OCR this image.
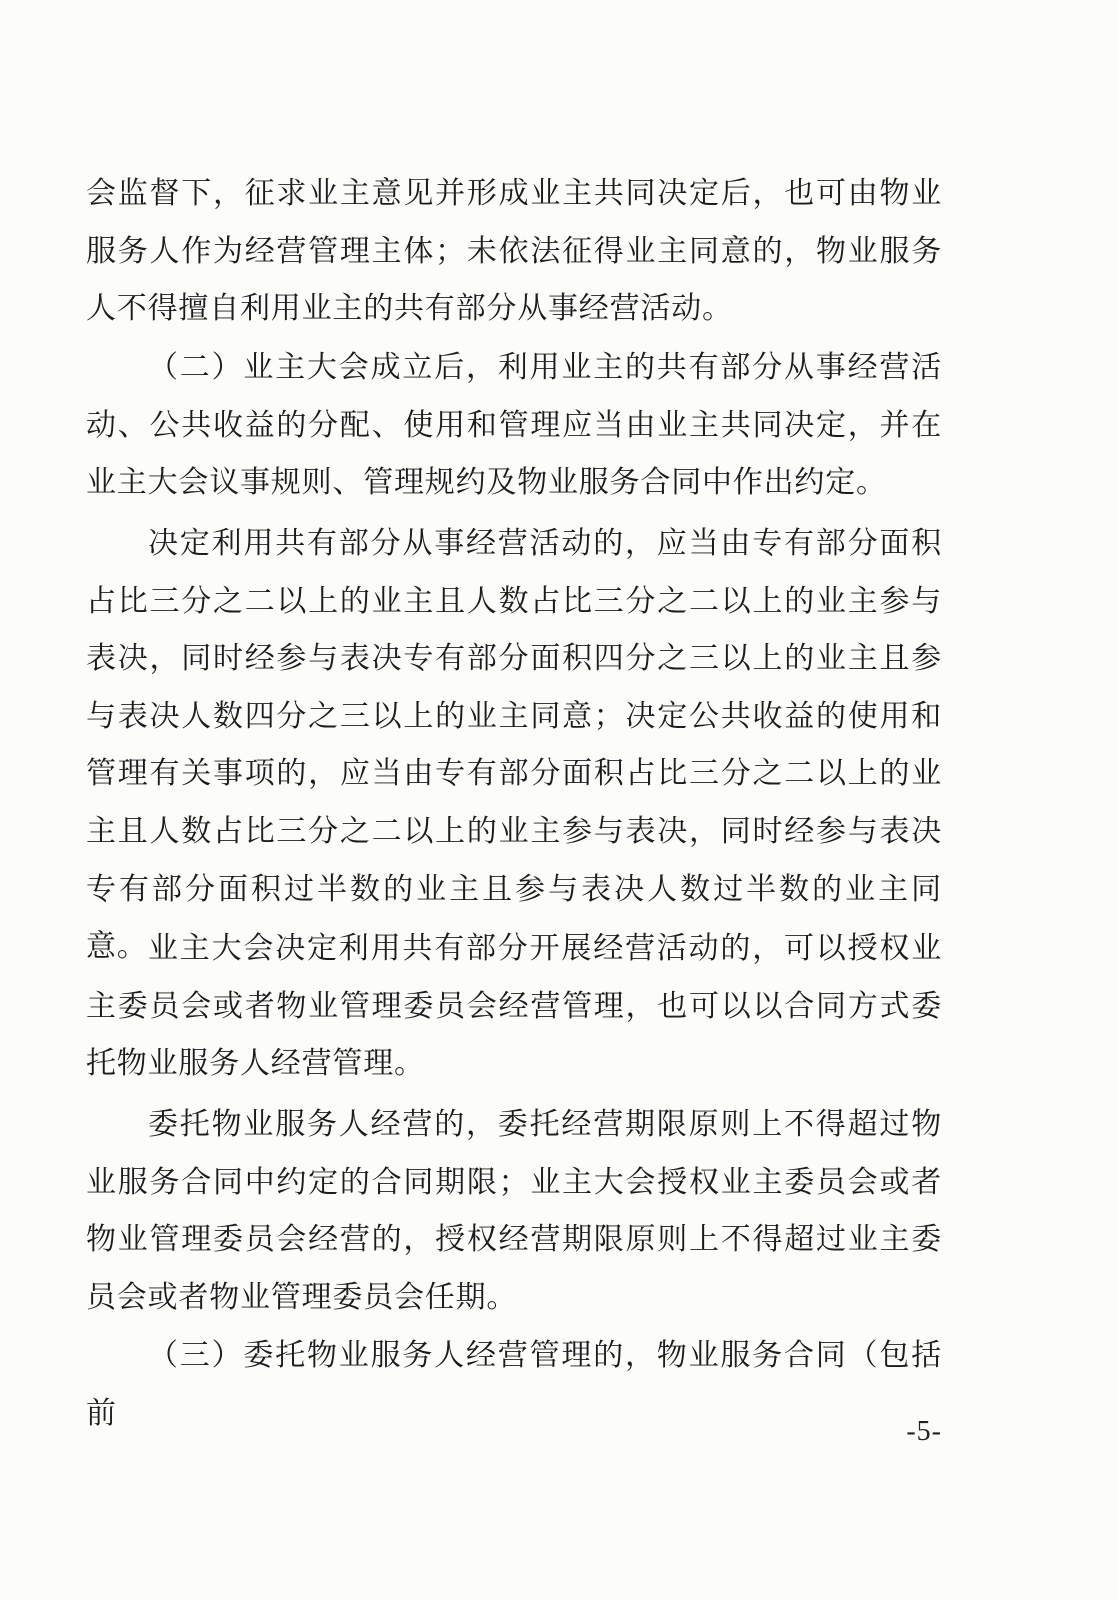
会监督下，征求业主意见并形成业主共同决定后，也可由物业服务人作为经营管理主体；未依法征得业主同意的，物业服务人不得擅自利用业主的共有部分从事经营活动。

（二）业主大会成立后，利用业主的共有部分从事经营活动、公共收益的分配、使用和管理应当由业主共同决定，并在业主大会议事规则、管理规约及物业服务合同中作出约定。

决定利用共有部分从事经营活动的，应当由专有部分面积占比三分之二以上的业主且人数占比三分之二以上的业主参与表决，同时经参与表决专有部分面积四分之三以上的业主且参与表决人数四分之三以上的业主同意；决定公共收益的使用和管理有关事项的，应当由专有部分面积占比三分之二以上的业主且人数占比三分之二以上的业主参与表决，同时经参与表决专有部分面积过半数的业主且参与表决人数过半数的业主同意。 业主大会决定利用共有部分开展经营活动的，可以授权业主委员会或者物业管理委员会经营管理，也可以以合同方式委托物业服务人经营管理。

委托物业服务人经营的，委托经营期限原则上不得超过物业服务合同中约定的合同期限；业主大会授权业主委员会或者物业管理委员会经营的，授权经营期限原则上不得超过业主委员会或者物业管理委员会任期。

（三）委托物业服务人经营管理的，物业服务合同（包括前

-5-
